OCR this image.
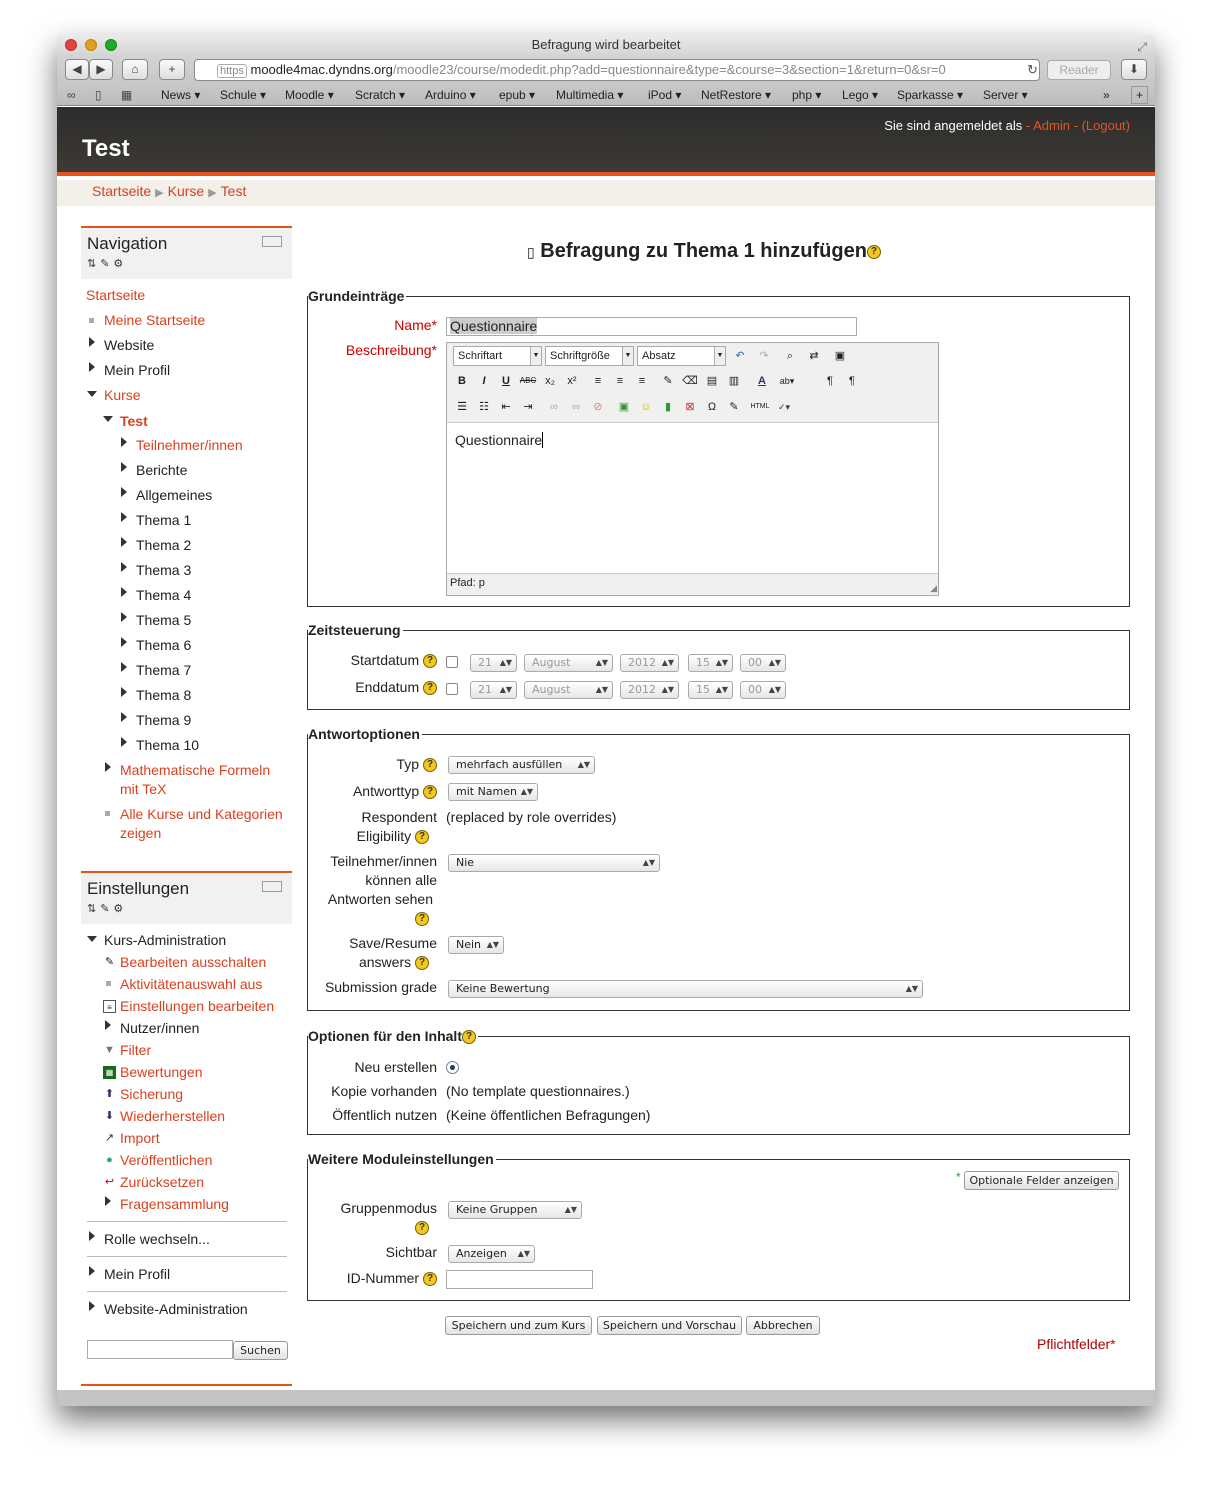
Befragung wird bearbeitet	⤢
◀	▶	⌂	+	https moodle4mac.dyndns.org/moodle23/course/modedit.php?add=questionnaire&type=&course=3&section=1&return=0&sr=0	↻	Reader	⬇
∞ ▯ ▦ News ▾ Schule ▾ Moodle ▾ Scratch ▾ Arduino ▾ epub ▾ Multimedia ▾ iPod ▾ NetRestore ▾ php ▾ Lego ▾ Sparkasse ▾ Server ▾	»	+
Test
Sie sind angemeldet als - Admin - (Logout)
Startseite ▶ Kurse ▶ Test
Navigation
⇅✎⚙
Startseite
Meine Startseite
Website
Mein Profil
Kurse
Test
Teilnehmer/innen
Berichte
Allgemeines
Thema 1
Thema 2
Thema 3
Thema 4
Thema 5
Thema 6
Thema 7
Thema 8
Thema 9
Thema 10
Mathematische Formeln
mit TeX
Alle Kurse und Kategorien
zeigen
Einstellungen
⇅✎⚙
Kurs-Administration
✎ Bearbeiten ausschalten
Aktivitätenauswahl aus
≡ Einstellungen bearbeiten
Nutzer/innen
▼ Filter
▦ Bewertungen
⬆ Sicherung
⬇ Wiederherstellen
↗ Import
● Veröffentlichen
↩ Zurücksetzen
Fragensammlung
Rolle wechseln...
Mein Profil
Website-Administration
Suchen
▯ Befragung zu Thema 1 hinzufügen ?
Grundeinträge
Name* Questionnaire
Beschreibung*	Schriftart	▼ Schriftgröße	▼ Absatz	▼	↶	↷	⌕	⇄	▣
B	I	U	ABC x₂	x²	≡	≡	≡	✎ ⌫ ▤	▥	A	ab▾	¶	¶
☰	☷	⇤	⇥	∞	∞	⊘	▣	☺	▮	⊠	Ω	✎	HTML ✓▾
Questionnaire
Pfad: p	◢
Zeitsteuerung
Startdatum ?	21 ▲▼	August	▲▼	2012 ▲▼	15 ▲▼	00 ▲▼
Enddatum ?	21 ▲▼	August	▲▼	2012 ▲▼	15 ▲▼	00 ▲▼
Antwortoptionen
Typ ?	mehrfach ausfüllen ▲▼
Antworttyp ?	mit Namen ▲▼
Respondent
Eligibility ?
(replaced by role overrides)
Teilnehmer/innen
können alle
Antworten sehen
?
Nie	▲▼
Save/Resume
answers ?
Nein ▲▼
Submission grade	Keine Bewertung	▲▼
Optionen für den Inhalt ?
Neu erstellen
Kopie vorhanden (No template questionnaires.)
Öffentlich nutzen (Keine öffentlichen Befragungen)
Weitere Moduleinstellungen
* Optionale Felder anzeigen
Gruppenmodus
?
Keine Gruppen	▲▼
Sichtbar	Anzeigen ▲▼
ID-Nummer ?
Speichern und zum Kurs	Speichern und Vorschau	Abbrechen
Pflichtfelder*
